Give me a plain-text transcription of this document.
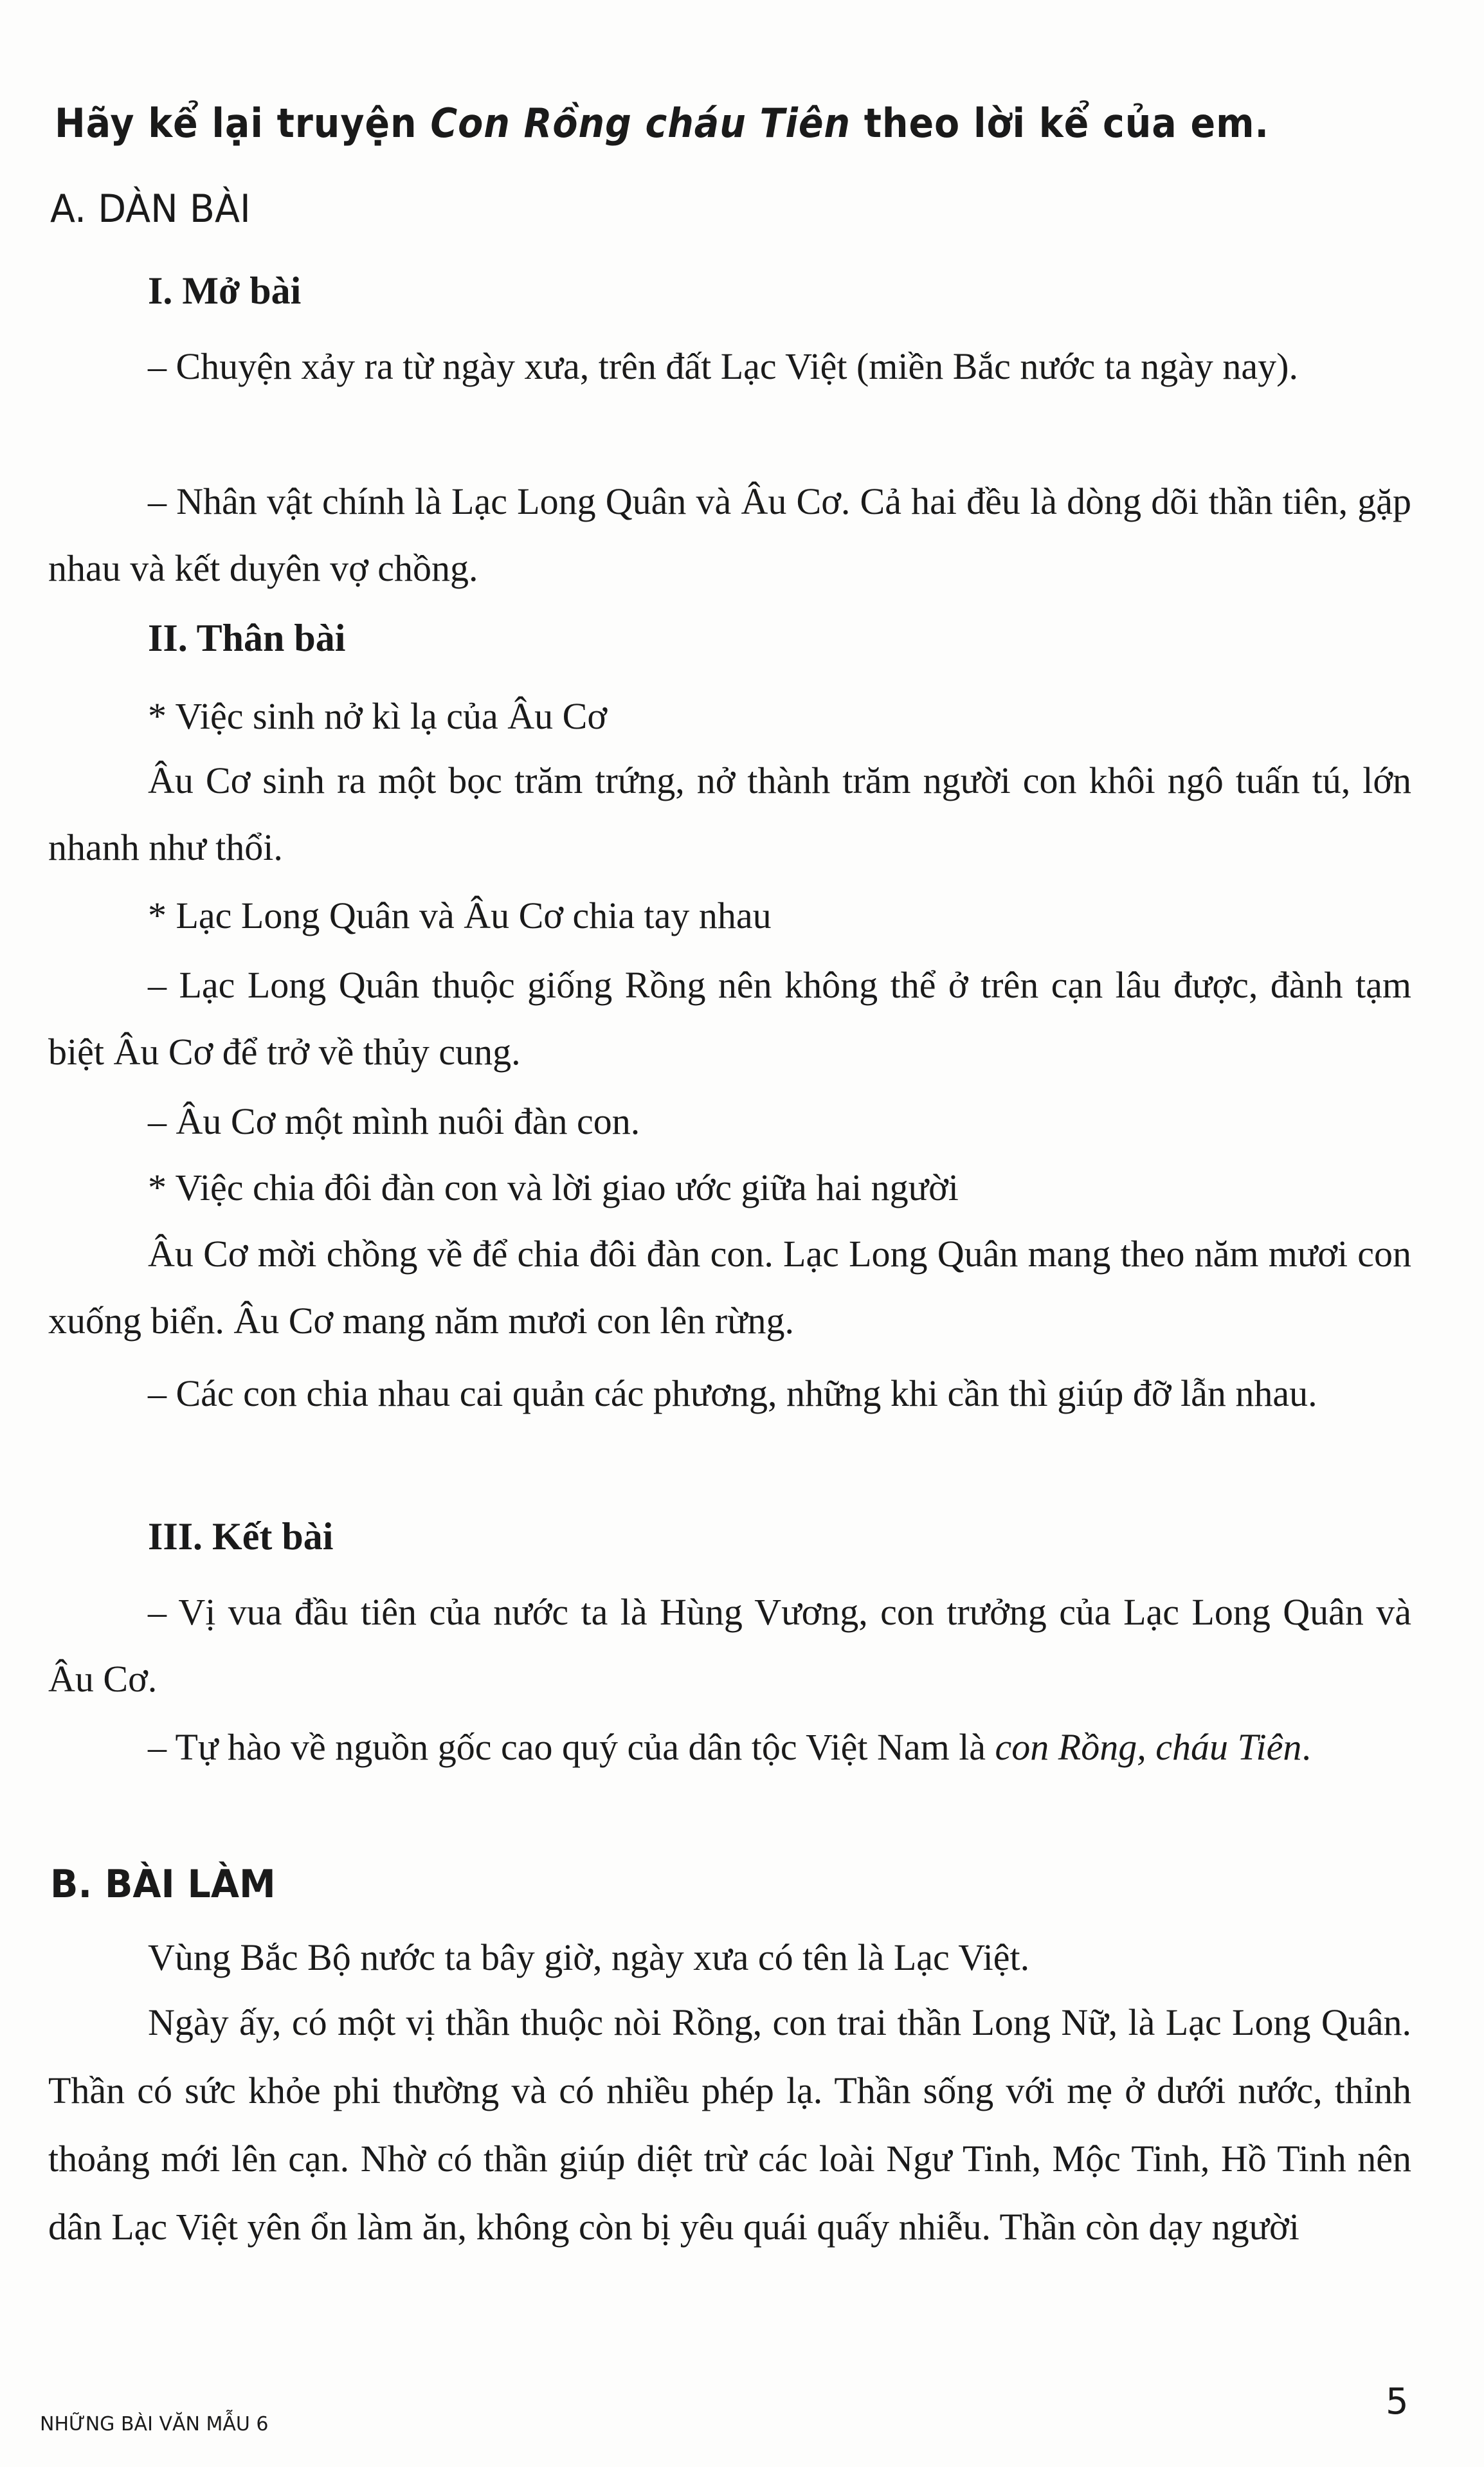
Hãy kể lại truyện Con Rồng cháu Tiên theo lời kể của em.
A. DÀN BÀI
I. Mở bài

– Chuyện xảy ra từ ngày xưa, trên đất Lạc Việt (miền Bắc nước ta ngày nay).

– Nhân vật chính là Lạc Long Quân và Âu Cơ. Cả hai đều là dòng dõi thần tiên, gặp nhau và kết duyên vợ chồng.

II. Thân bài

* Việc sinh nở kì lạ của Âu Cơ

Âu Cơ sinh ra một bọc trăm trứng, nở thành trăm người con khôi ngô tuấn tú, lớn nhanh như thổi.

* Lạc Long Quân và Âu Cơ chia tay nhau

– Lạc Long Quân thuộc giống Rồng nên không thể ở trên cạn lâu được, đành tạm biệt Âu Cơ để trở về thủy cung.

– Âu Cơ một mình nuôi đàn con.

* Việc chia đôi đàn con và lời giao ước giữa hai người

Âu Cơ mời chồng về để chia đôi đàn con. Lạc Long Quân mang theo năm mươi con xuống biển. Âu Cơ mang năm mươi con lên rừng.

– Các con chia nhau cai quản các phương, những khi cần thì giúp đỡ lẫn nhau.

III. Kết bài

– Vị vua đầu tiên của nước ta là Hùng Vương, con trưởng của Lạc Long Quân và Âu Cơ.

– Tự hào về nguồn gốc cao quý của dân tộc Việt Nam là con Rồng, cháu Tiên.

B. BÀI LÀM

Vùng Bắc Bộ nước ta bây giờ, ngày xưa có tên là Lạc Việt.

Ngày ấy, có một vị thần thuộc nòi Rồng, con trai thần Long Nữ, là Lạc Long Quân. Thần có sức khỏe phi thường và có nhiều phép lạ. Thần sống với mẹ ở dưới nước, thỉnh thoảng mới lên cạn. Nhờ có thần giúp diệt trừ các loài Ngư Tinh, Mộc Tinh, Hồ Tinh nên dân Lạc Việt yên ổn làm ăn, không còn bị yêu quái quấy nhiễu. Thần còn dạy người

NHỮNG BÀI VĂN MẪU 6
5
